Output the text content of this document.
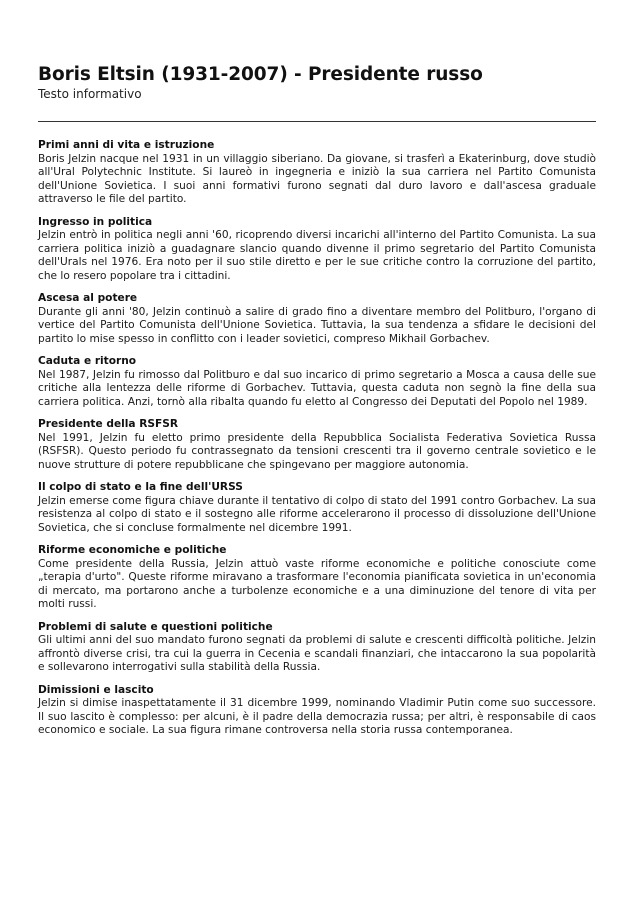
Boris Eltsin (1931-2007) - Presidente russo

Testo informativo

Primi anni di vita e istruzione

Boris Jelzin nacque nel 1931 in un villaggio siberiano. Da giovane, si trasferì a Ekaterinburg, dove studiò all'Ural Polytechnic Institute. Si laureò in ingegneria e iniziò la sua carriera nel Partito Comunista dell'Unione Sovietica. I suoi anni formativi furono segnati dal duro lavoro e dall'ascesa graduale attraverso le file del partito.

Ingresso in politica

Jelzin entrò in politica negli anni '60, ricoprendo diversi incarichi all'interno del Partito Comunista. La sua carriera politica iniziò a guadagnare slancio quando divenne il primo segretario del Partito Comunista dell'Urals nel 1976. Era noto per il suo stile diretto e per le sue critiche contro la corruzione del partito, che lo resero popolare tra i cittadini.

Ascesa al potere

Durante gli anni '80, Jelzin continuò a salire di grado fino a diventare membro del Politburo, l'organo di vertice del Partito Comunista dell'Unione Sovietica. Tuttavia, la sua tendenza a sfidare le decisioni del partito lo mise spesso in conflitto con i leader sovietici, compreso Mikhail Gorbachev.

Caduta e ritorno

Nel 1987, Jelzin fu rimosso dal Politburo e dal suo incarico di primo segretario a Mosca a causa delle sue critiche alla lentezza delle riforme di Gorbachev. Tuttavia, questa caduta non segnò la fine della sua carriera politica. Anzi, tornò alla ribalta quando fu eletto al Congresso dei Deputati del Popolo nel 1989.

Presidente della RSFSR

Nel 1991, Jelzin fu eletto primo presidente della Repubblica Socialista Federativa Sovietica Russa (RSFSR). Questo periodo fu contrassegnato da tensioni crescenti tra il governo centrale sovietico e le nuove strutture di potere repubblicane che spingevano per maggiore autonomia.

Il colpo di stato e la fine dell'URSS

Jelzin emerse come figura chiave durante il tentativo di colpo di stato del 1991 contro Gorbachev. La sua resistenza al colpo di stato e il sostegno alle riforme accelerarono il processo di dissoluzione dell'Unione Sovietica, che si concluse formalmente nel dicembre 1991.

Riforme economiche e politiche

Come presidente della Russia, Jelzin attuò vaste riforme economiche e politiche conosciute come „terapia d'urto". Queste riforme miravano a trasformare l'economia pianificata sovietica in un'economia di mercato, ma portarono anche a turbolenze economiche e a una diminuzione del tenore di vita per molti russi.

Problemi di salute e questioni politiche

Gli ultimi anni del suo mandato furono segnati da problemi di salute e crescenti difficoltà politiche. Jelzin affrontò diverse crisi, tra cui la guerra in Cecenia e scandali finanziari, che intaccarono la sua popolarità e sollevarono interrogativi sulla stabilità della Russia.

Dimissioni e lascito

Jelzin si dimise inaspettatamente il 31 dicembre 1999, nominando Vladimir Putin come suo successore. Il suo lascito è complesso: per alcuni, è il padre della democrazia russa; per altri, è responsabile di caos economico e sociale. La sua figura rimane controversa nella storia russa contemporanea.
